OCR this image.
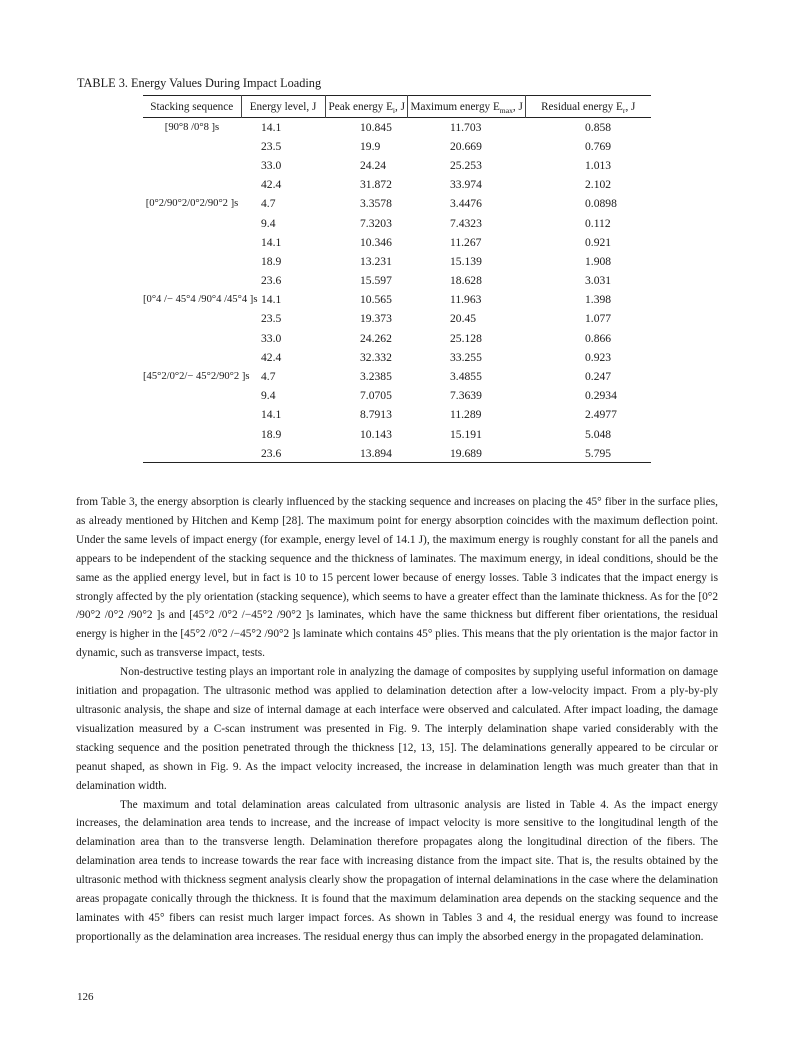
TABLE 3. Energy Values During Impact Loading
Stacking sequence	Energy level, J	Peak energy $E_i$, J	Maximum energy $E_{max}$, J	Residual energy $E_r$, J
[90°8 /0°8 ]s	14.1	10.845	11.703	0.858
	23.5	19.9	20.669	0.769
	33.0	24.24	25.253	1.013
	42.4	31.872	33.974	2.102
[0°2/90°2/0°2/90°2 ]s	4.7	3.3578	3.4476	0.0898
	9.4	7.3203	7.4323	0.112
	14.1	10.346	11.267	0.921
	18.9	13.231	15.139	1.908
	23.6	15.597	18.628	3.031
[0°4 /− 45°4 /90°4 /45°4 ]s	14.1	10.565	11.963	1.398
	23.5	19.373	20.45	1.077
	33.0	24.262	25.128	0.866
	42.4	32.332	33.255	0.923
[45°2/0°2/− 45°2/90°2 ]s	4.7	3.2385	3.4855	0.247
	9.4	7.0705	7.3639	0.2934
	14.1	8.7913	11.289	2.4977
	18.9	10.143	15.191	5.048
	23.6	13.894	19.689	5.795

from Table 3, the energy absorption is clearly influenced by the stacking sequence and increases on placing the 45° fiber in the surface plies, as already mentioned by Hitchen and Kemp [28]. The maximum point for energy absorption coincides with the maximum deflection point. Under the same levels of impact energy (for example, energy level of 14.1 J), the maximum energy is roughly constant for all the panels and appears to be independent of the stacking sequence and the thickness of laminates. The maximum energy, in ideal conditions, should be the same as the applied energy level, but in fact is 10 to 15 percent lower because of energy losses. Table 3 indicates that the impact energy is strongly affected by the ply orientation (stacking sequence), which seems to have a greater effect than the laminate thickness. As for the [0°2 /90°2 /0°2 /90°2 ]s and [45°2 /0°2 /−45°2 /90°2 ]s laminates, which have the same thickness but different fiber orientations, the residual energy is higher in the [45°2 /0°2 /−45°2 /90°2 ]s laminate which contains 45° plies. This means that the ply orientation is the major factor in dynamic, such as transverse impact, tests.

Non-destructive testing plays an important role in analyzing the damage of composites by supplying useful information on damage initiation and propagation. The ultrasonic method was applied to delamination detection after a low-velocity impact. From a ply-by-ply ultrasonic analysis, the shape and size of internal damage at each interface were observed and calculated. After impact loading, the damage visualization measured by a C-scan instrument was presented in Fig. 9. The interply delamination shape varied considerably with the stacking sequence and the position penetrated through the thickness [12, 13, 15]. The delaminations generally appeared to be circular or peanut shaped, as shown in Fig. 9. As the impact velocity increased, the increase in delamination length was much greater than that in delamination width.

The maximum and total delamination areas calculated from ultrasonic analysis are listed in Table 4. As the impact energy increases, the delamination area tends to increase, and the increase of impact velocity is more sensitive to the longitudinal length of the delamination area than to the transverse length. Delamination therefore propagates along the longitudinal direction of the fibers. The delamination area tends to increase towards the rear face with increasing distance from the impact site. That is, the results obtained by the ultrasonic method with thickness segment analysis clearly show the propagation of internal delaminations in the case where the delamination areas propagate conically through the thickness. It is found that the maximum delamination area depends on the stacking sequence and the laminates with 45° fibers can resist much larger impact forces. As shown in Tables 3 and 4, the residual energy was found to increase proportionally as the delamination area increases. The residual energy thus can imply the absorbed energy in the propagated delamination.

126
